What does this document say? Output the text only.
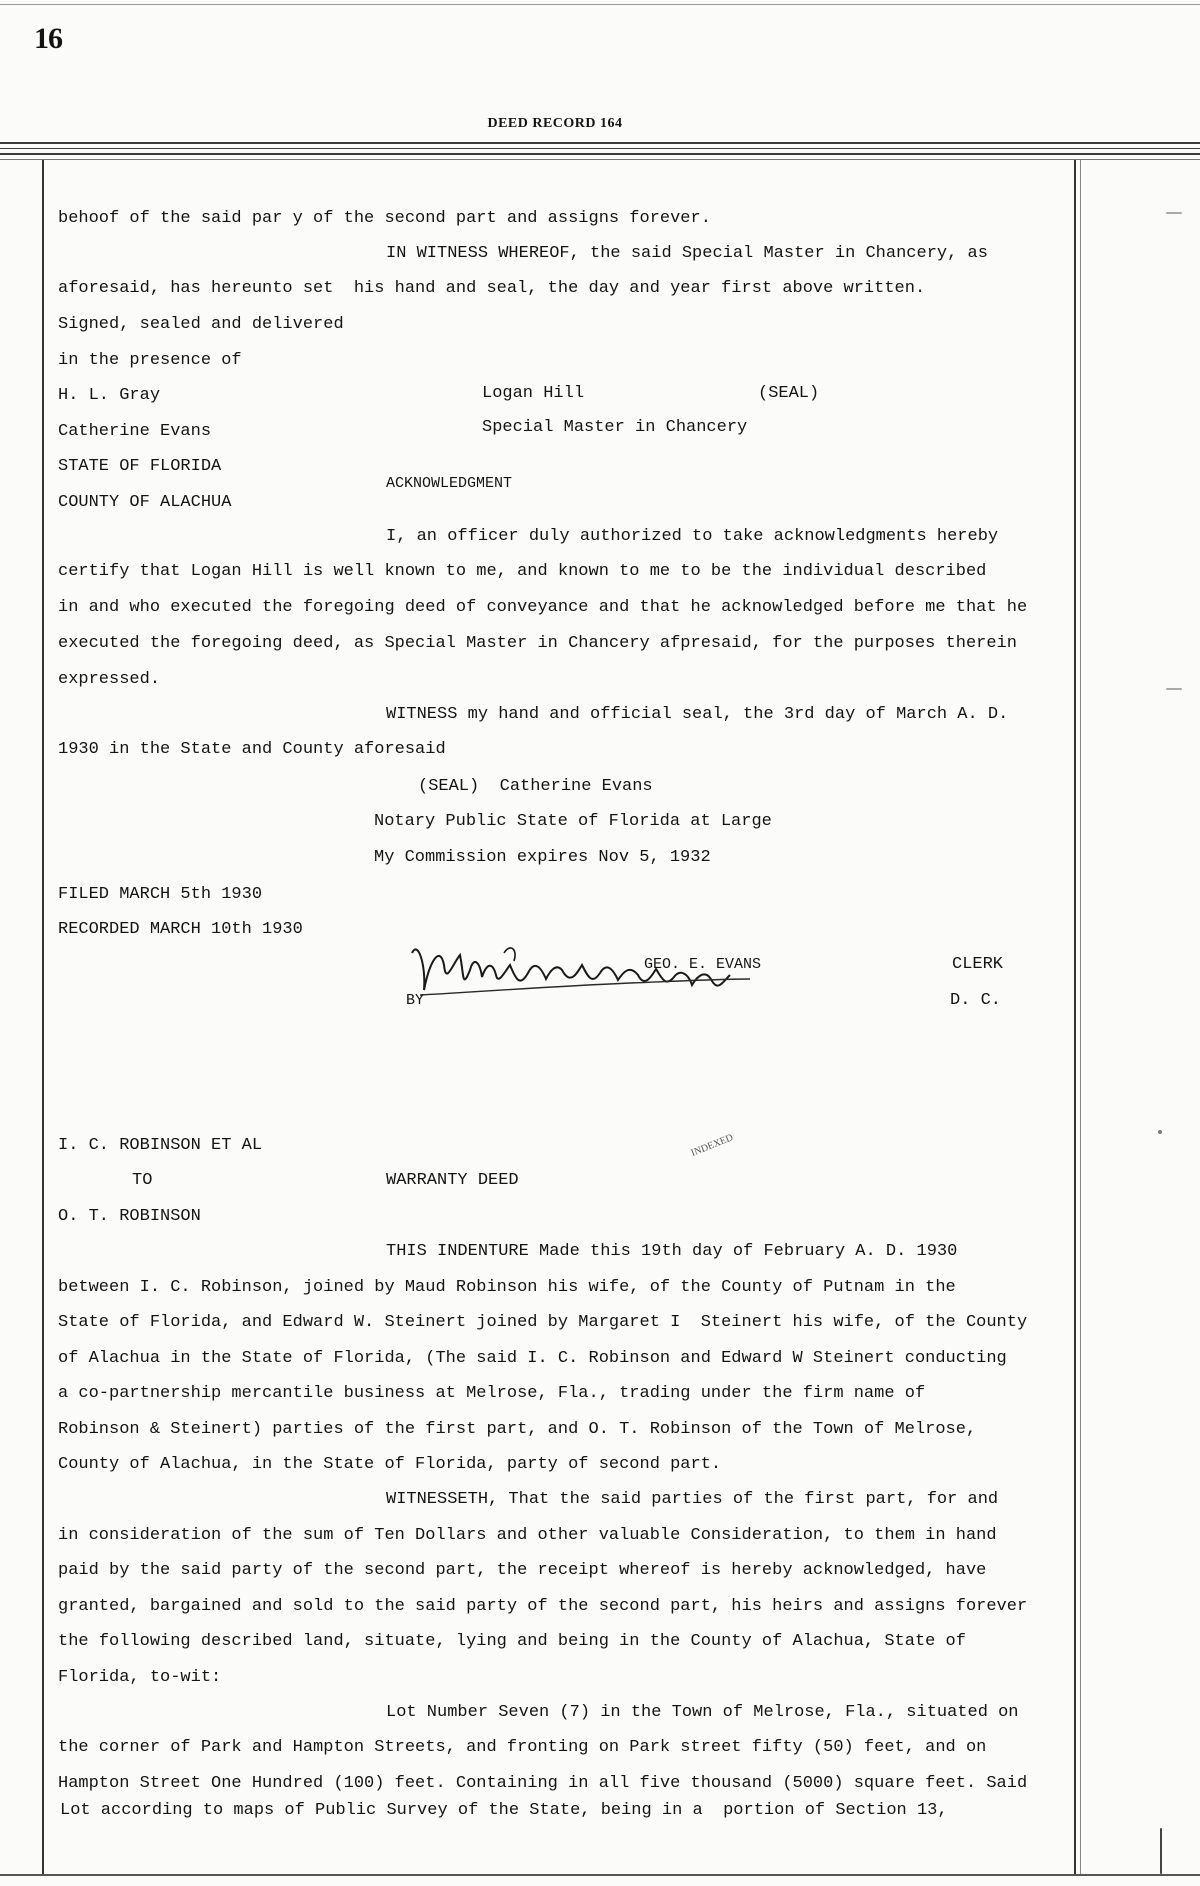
16
DEED RECORD 164
behoof of the said par y of the second part and assigns forever.
IN WITNESS WHEREOF, the said Special Master in Chancery, as
aforesaid, has hereunto set  his hand and seal, the day and year first above written.
Signed, sealed and delivered
in the presence of
H. L. Gray	Logan Hill	(SEAL)
Catherine Evans	Special Master in Chancery
STATE OF FLORIDA
ACKNOWLEDGMENT
COUNTY OF ALACHUA
I, an officer duly authorized to take acknowledgments hereby
certify that Logan Hill is well known to me, and known to me to be the individual described
in and who executed the foregoing deed of conveyance and that he acknowledged before me that he
executed the foregoing deed, as Special Master in Chancery afpresaid, for the purposes therein
expressed.
WITNESS my hand and official seal, the 3rd day of March A. D.
1930 in the State and County aforesaid
(SEAL)  Catherine Evans
Notary Public State of Florida at Large
My Commission expires Nov 5, 1932
FILED MARCH 5th 1930
RECORDED MARCH 10th 1930
GEO. E. EVANS	CLERK
BY	D. C.
I. C. ROBINSON ET AL
TO	WARRANTY DEED
O. T. ROBINSON
THIS INDENTURE Made this 19th day of February A. D. 1930
between I. C. Robinson, joined by Maud Robinson his wife, of the County of Putnam in the
State of Florida, and Edward W. Steinert joined by Margaret I  Steinert his wife, of the County
of Alachua in the State of Florida, (The said I. C. Robinson and Edward W Steinert conducting
a co-partnership mercantile business at Melrose, Fla., trading under the firm name of
Robinson & Steinert) parties of the first part, and O. T. Robinson of the Town of Melrose,
County of Alachua, in the State of Florida, party of second part.
WITNESSETH, That the said parties of the first part, for and
in consideration of the sum of Ten Dollars and other valuable Consideration, to them in hand
paid by the said party of the second part, the receipt whereof is hereby acknowledged, have
granted, bargained and sold to the said party of the second part, his heirs and assigns forever
the following described land, situate, lying and being in the County of Alachua, State of
Florida, to-wit:
Lot Number Seven (7) in the Town of Melrose, Fla., situated on
the corner of Park and Hampton Streets, and fronting on Park street fifty (50) feet, and on
Hampton Street One Hundred (100) feet. Containing in all five thousand (5000) square feet. Said
Lot according to maps of Public Survey of the State, being in a  portion of Section 13,
INDEXED
